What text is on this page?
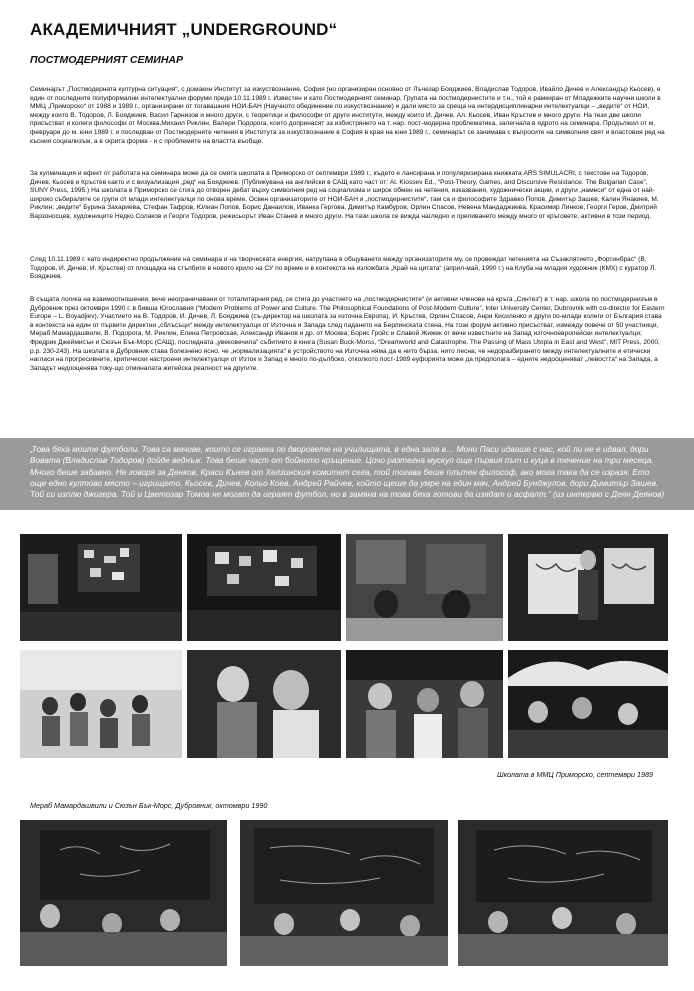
АКАДЕМИЧНИЯТ „UNDERGROUND“
ПОСТМОДЕРНИЯТ СЕМИНАР

Семинарът „Постмодерната културна ситуация“, с домакин Институт за изкуствознание, София (но организиран основно от Лъчезар Бояджиев, Владислав Тодоров, Ивайло Дичев и Александър Кьосев), е един от последните полуформални интелектуални форуми преди 10.11.1989 г. Известен и като Постмодерният семинар, Групата на постмодернистите и т.н., той е рамкиран от Младежките научни школи в ММЦ „Приморско“ от 1988 и 1989 г., организирани от тогавашния НОИ-БАН (Научното обединение по изкуствознание) и дали място за среща на интердисциплинарни интелектуалци – „ведите“ от НОИ, между които В. Тодоров, Л. Бояджиев, Васил Гарнизов и много други, с теоретици и философи от други институти, между които И. Дичев, Ал. Кьосев, Иван Кръстев и много други. На тези две школи присъстват и колеги философи от Москва,Михаил Риклин, Валери Подорога, които допринасят за избистрянето на т. нар. пост-модерна проблематика, залегнала в ядрото на семинара. Продължил от м. февруари до м. юни 1989 г. и последван от Постмодерните четения в Института за изкуствознание в София в края на юни 1989 г., семинарът се занимава с въпросите на символния свят и властовия ред на късния социализъм, а в скрита форма - и с проблемите на властта въобще.

За кулминация и ефект от работата на семинара може да се смята школата в Приморско от септември 1989 г., където е лансирана и популяризирана книжката ARS SIMULACRI, с текстове на Тодоров, Дичев, Кьосев и Кръстев както и с визуализация „ред“ на Бояджиев. (Публикувана на английски в САЩ като част от: Al. Kiossev Ed., “Post-Theory, Games, and Discursive Resistance. The Bulgarian Case”, SUNY Press, 1995.) На школата в Приморско се стига до отворен дебат върху символния ред на социализма и широк обмен на четения, изказвания, художнически акции, и други „намеси“ от една от най-широко събиралите се групи от млади интелектуалци по онова време. Освен организаторите от НОИ-БАН и „постмодернистите“, там са и философите Здравко Попов, Димитър Зашев, Калин Янакиев, М. Риклин; „ведите“ Бурина Захариева, Стефан Тафров, Юлиан Попов, Борис Данаилов, Иванка Гергова, Димитър Камбуров, Орлин Спасов, Невена Мандаджиева, Красимир Линков, Георги Геров, Дмитрий Варзоносцев, художниците Недко Солаков и Георги Тодоров, режисьорът Иван Станев и много други. На тази школа се вижда нагледно и преливането между много от кръговете, активни в този период.

След 10.11.1989 г. като индиректно продължение на семинара и на творческата енергия, натрупана в общуването между организаторите му, се провеждат четенията на Съзаклятието „Фортинбрас“ (В. Тодоров, И. Дичев, И. Кръстев) от площадка на стълбите в новото крило на СУ по време и в контекста на изложбата „Край на цитата“ (април-май, 1990 г.) на Клуба на младия художник (КМХ) с куратор Л. Бояджиев.

В същата логика на взаимоотношения, вече неограничавани от тоталитарния ред, се стига до участието на „постмодернистите“ (и активни членове на кръга „Синтез“) в т. нар. школа по постмодернизъм в Дубровник през октомври 1990 г. в бивша Югославия (“Modern Problems of Power and Culture. The Philosophical Foundations of Post-Modern Culture”, Inter University Center, Dubrovnik with co-director for Eastern Europe – L. Boyadjiev). Участието на В. Тодоров, И. Дичев, Л. Бояджиев (съ-директор на школата за източна Европа), И. Кръстев, Орлин Спасов, Анри Кисиленко и други по-млади колеги от България става в контекста на един от първите директни „сблъсъци“ между интелектуалци от Източна и Запада след падането на Берлинската стена. На този форум активно присъстват, измежду повече от 50 участници, Мераб Мамардашвили, В. Подорога, М. Риклин, Елена Петровская, Александр Иванов и др. от Москва; Борис Гройс и Славой Жижек от вече известните на Запад източноевропейски интелектуалци; Фредрик Джеймисън и Сюзън Бък-Морс (САЩ), последната „увековечила“ събитието в книга (Susan Buck-Morss, “Dreamworld and Catastrophe. The Passing of Mass Utopia in East and West”, MIT Press, 2000, p.p. 230-243). На школата в Дубровник става болезнено ясно, че „нормализацията“ в устройството на Източна няма да е нито бърза, нито лесна; че недоразбирането между интелектуалните и етически нагласи на прогресивните, критически настроени интелектуалци от Изток и Запад е много по-дълбоко, отколкото пост-1989 еуфорията може да предполага – едните недооценяват „левостта“ на Запада, а Западът недооценява току-що отминалата житейска реалност на другите.

„Това бяха моите футболи. Това са мачове, които се играеха по дворовете на училищата, в една зала в… Мони Паси идваше с нас, кой ли не е идвал, дори Вовата (Владислав Тодоров) дойде веднъж. Това беше част от бойното кръщение. Цочо разтегна мускул още първия път и куца в течение на три месеца. Много беше забавно. Не говоря за Денков, Краси Кънев от Хелзинския комитет сега, той тогава беше плътен философ, ако мога така да се изразя. Ето още едно култово място – игрището. Кьосев, Дичев, Кольо Коев, Андрей Райчев, който щеше да умре на един мач, Андрей Бунджулов, дори Димитър Зашев. Той си изплю джигера. Той и Цветозар Томов не могат да играят футбол, но в замяна на това бяха готови да изядат и асфалт.“ (из интервю с Деян Деянов)

Школата в ММЦ Приморско, септември 1989
Мераб Мамардашвили и Сюзън Бък-Морс, Дубровник, октомври 1990
